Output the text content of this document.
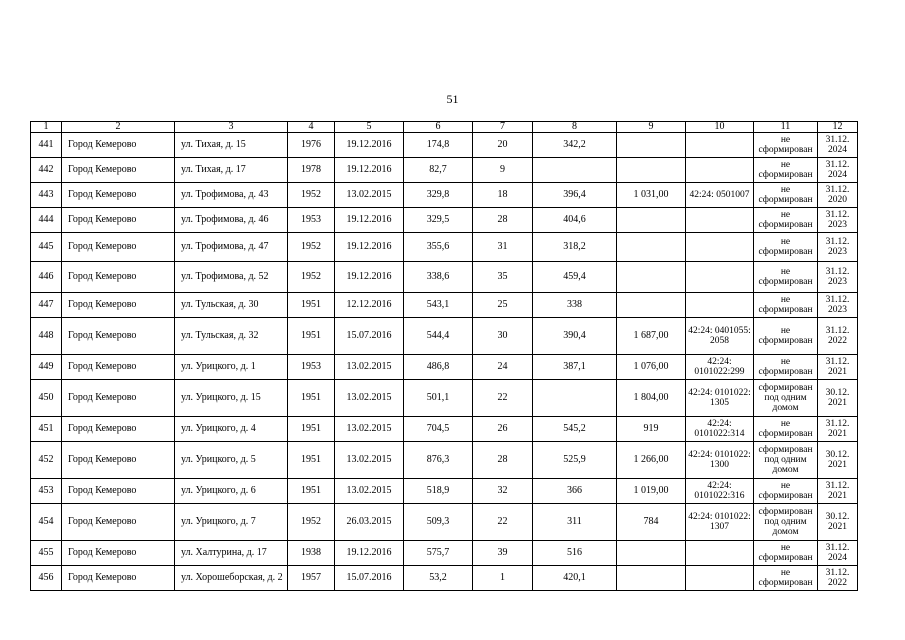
51
1	2	3	4	5	6	7	8	9	10	11	12
441	Город Кемерово	ул. Тихая, д. 15	1976	19.12.2016	174,8	20	342,2			не сформирован	31.12. 2024
442	Город Кемерово	ул. Тихая, д. 17	1978	19.12.2016	82,7	9				не сформирован	31.12. 2024
443	Город Кемерово	ул. Трофимова, д. 43	1952	13.02.2015	329,8	18	396,4	1 031,00	42:24: 0501007	не сформирован	31.12. 2020
444	Город Кемерово	ул. Трофимова, д. 46	1953	19.12.2016	329,5	28	404,6			не сформирован	31.12. 2023
445	Город Кемерово	ул. Трофимова, д. 47	1952	19.12.2016	355,6	31	318,2			не сформирован	31.12. 2023
446	Город Кемерово	ул. Трофимова, д. 52	1952	19.12.2016	338,6	35	459,4			не сформирован	31.12. 2023
447	Город Кемерово	ул. Тульская, д. 30	1951	12.12.2016	543,1	25	338			не сформирован	31.12. 2023
448	Город Кемерово	ул. Тульская, д. 32	1951	15.07.2016	544,4	30	390,4	1 687,00	42:24: 0401055: 2058	не сформирован	31.12. 2022
449	Город Кемерово	ул. Урицкого, д. 1	1953	13.02.2015	486,8	24	387,1	1 076,00	42:24: 0101022:299	не сформирован	31.12. 2021
450	Город Кемерово	ул. Урицкого, д. 15	1951	13.02.2015	501,1	22		1 804,00	42:24: 0101022: 1305	сформирован под одним домом	30.12. 2021
451	Город Кемерово	ул. Урицкого, д. 4	1951	13.02.2015	704,5	26	545,2	919	42:24: 0101022:314	не сформирован	31.12. 2021
452	Город Кемерово	ул. Урицкого, д. 5	1951	13.02.2015	876,3	28	525,9	1 266,00	42:24: 0101022: 1300	сформирован под одним домом	30.12. 2021
453	Город Кемерово	ул. Урицкого, д. 6	1951	13.02.2015	518,9	32	366	1 019,00	42:24: 0101022:316	не сформирован	31.12. 2021
454	Город Кемерово	ул. Урицкого, д. 7	1952	26.03.2015	509,3	22	311	784	42:24: 0101022: 1307	сформирован под одним домом	30.12. 2021
455	Город Кемерово	ул. Халтурина, д. 17	1938	19.12.2016	575,7	39	516			не сформирован	31.12. 2024
456	Город Кемерово	ул. Хорошеборская, д. 2	1957	15.07.2016	53,2	1	420,1			не сформирован	31.12. 2022
